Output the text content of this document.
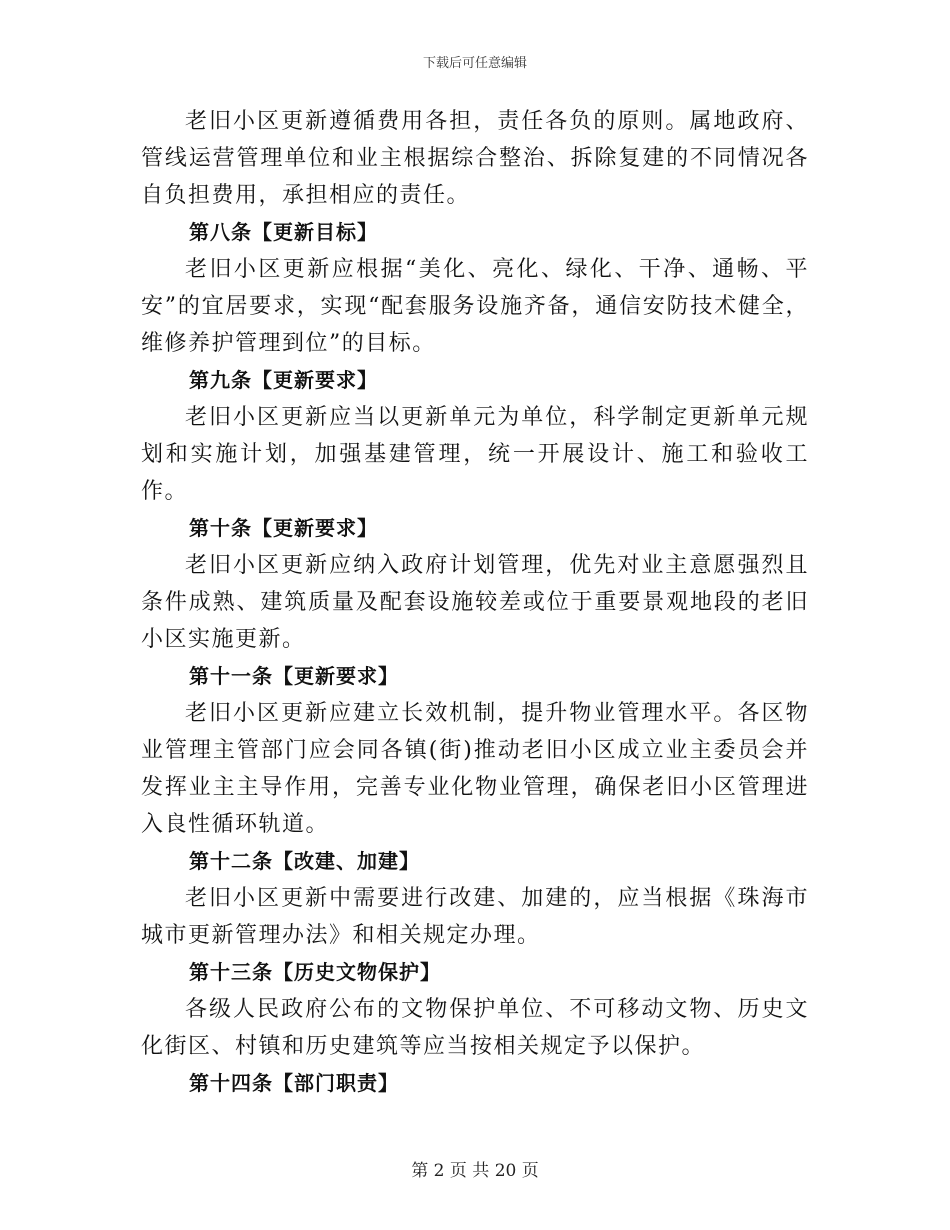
下载后可任意编辑

老旧小区更新遵循费用各担，责任各负的原则。属地政府、管线运营管理单位和业主根据综合整治、拆除复建的不同情况各自负担费用，承担相应的责任。

第八条【更新目标】

老旧小区更新应根据“美化、亮化、绿化、干净、通畅、平安”的宜居要求，实现“配套服务设施齐备，通信安防技术健全，维修养护管理到位”的目标。

第九条【更新要求】

老旧小区更新应当以更新单元为单位，科学制定更新单元规划和实施计划，加强基建管理，统一开展设计、施工和验收工作。

第十条【更新要求】

老旧小区更新应纳入政府计划管理，优先对业主意愿强烈且条件成熟、建筑质量及配套设施较差或位于重要景观地段的老旧小区实施更新。

第十一条【更新要求】

老旧小区更新应建立长效机制，提升物业管理水平。各区物业管理主管部门应会同各镇(街)推动老旧小区成立业主委员会并发挥业主主导作用，完善专业化物业管理，确保老旧小区管理进入良性循环轨道。

第十二条【改建、加建】

老旧小区更新中需要进行改建、加建的，应当根据《珠海市城市更新管理办法》和相关规定办理。

第十三条【历史文物保护】

各级人民政府公布的文物保护单位、不可移动文物、历史文化街区、村镇和历史建筑等应当按相关规定予以保护。

第十四条【部门职责】

第 2 页 共 20 页
